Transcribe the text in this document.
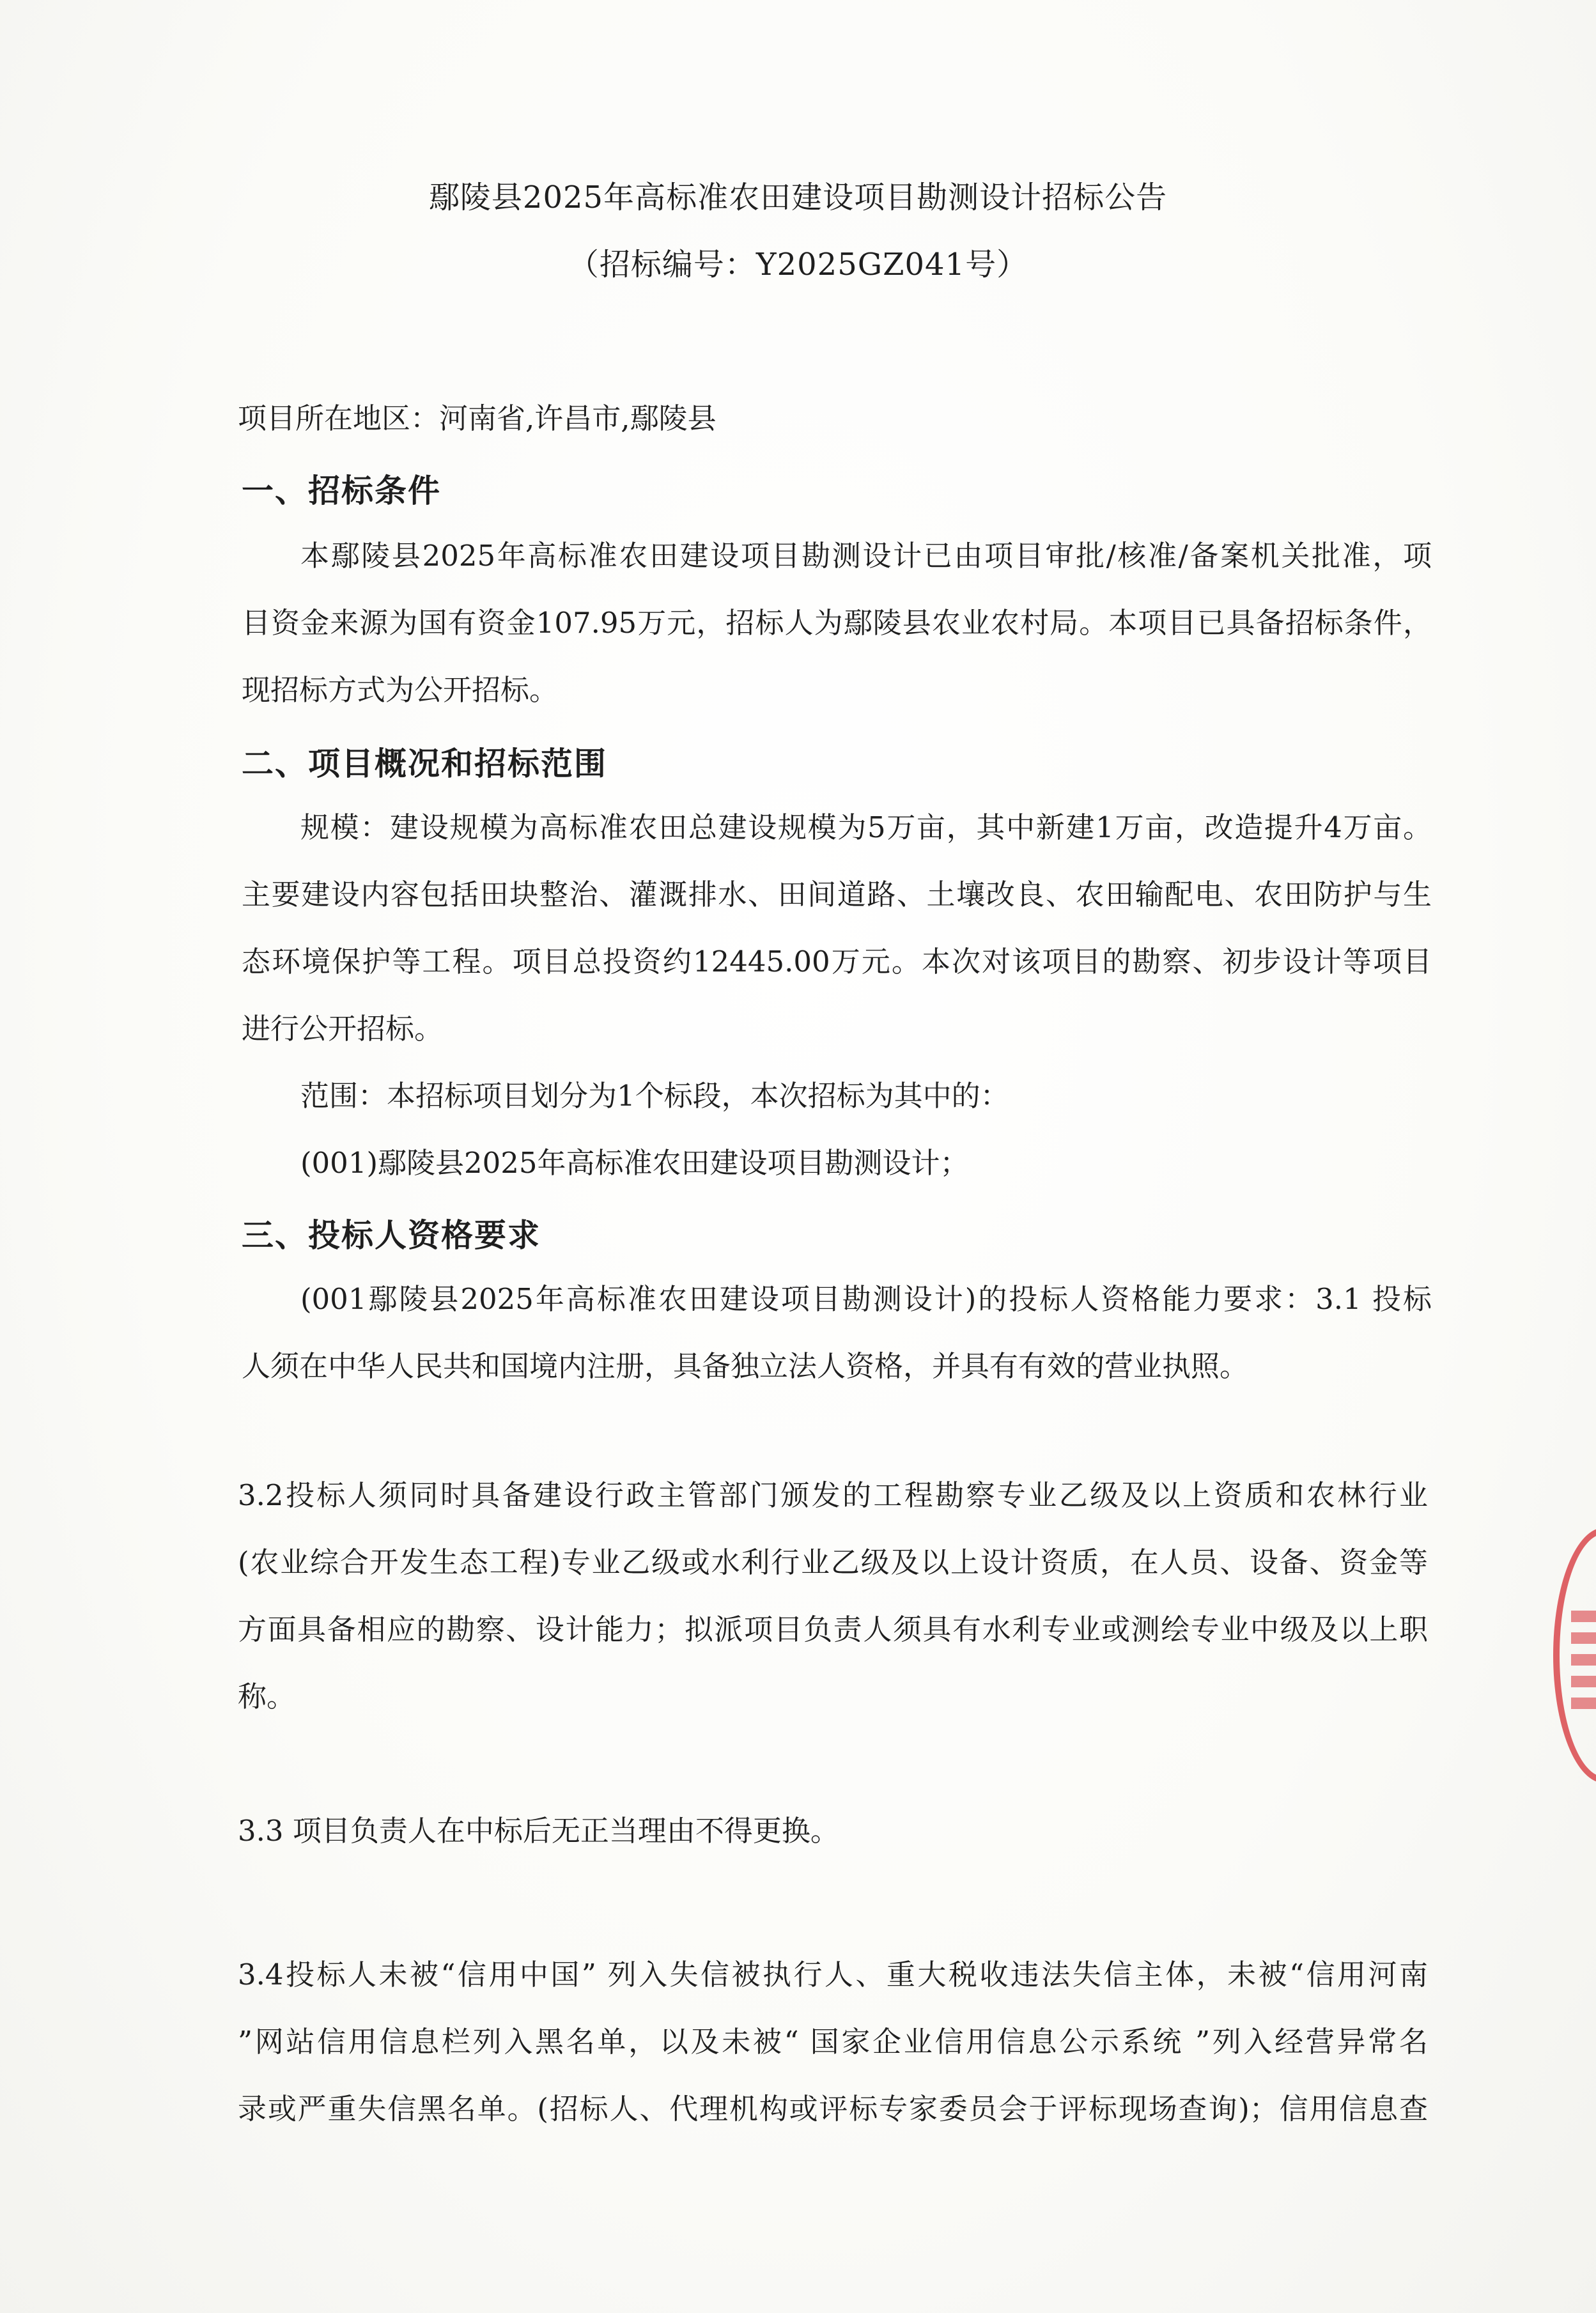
鄢陵县2025年高标准农田建设项目勘测设计招标公告
（招标编号：Y2025GZ041号）
项目所在地区：河南省,许昌市,鄢陵县
一、招标条件
本鄢陵县2025年高标准农田建设项目勘测设计已由项目审批/核准/备案机关批准，项
目资金来源为国有资金107.95万元，招标人为鄢陵县农业农村局。本项目已具备招标条件，
现招标方式为公开招标。
二、项目概况和招标范围
规模：建设规模为高标准农田总建设规模为5万亩，其中新建1万亩，改造提升4万亩。
主要建设内容包括田块整治、灌溉排水、田间道路、土壤改良、农田输配电、农田防护与生
态环境保护等工程。项目总投资约12445.00万元。本次对该项目的勘察、初步设计等项目
进行公开招标。
范围：本招标项目划分为1个标段，本次招标为其中的：
(001)鄢陵县2025年高标准农田建设项目勘测设计；
三、投标人资格要求
(001鄢陵县2025年高标准农田建设项目勘测设计)的投标人资格能力要求：3.1 投标
人须在中华人民共和国境内注册，具备独立法人资格，并具有有效的营业执照。
3.2投标人须同时具备建设行政主管部门颁发的工程勘察专业乙级及以上资质和农林行业
(农业综合开发生态工程)专业乙级或水利行业乙级及以上设计资质，在人员、设备、资金等
方面具备相应的勘察、设计能力；拟派项目负责人须具有水利专业或测绘专业中级及以上职
称。
3.3 项目负责人在中标后无正当理由不得更换。
3.4投标人未被“信用中国” 列入失信被执行人、重大税收违法失信主体，未被“信用河南
”网站信用信息栏列入黑名单，以及未被“ 国家企业信用信息公示系统 ”列入经营异常名
录或严重失信黑名单。(招标人、代理机构或评标专家委员会于评标现场查询)；信用信息查
